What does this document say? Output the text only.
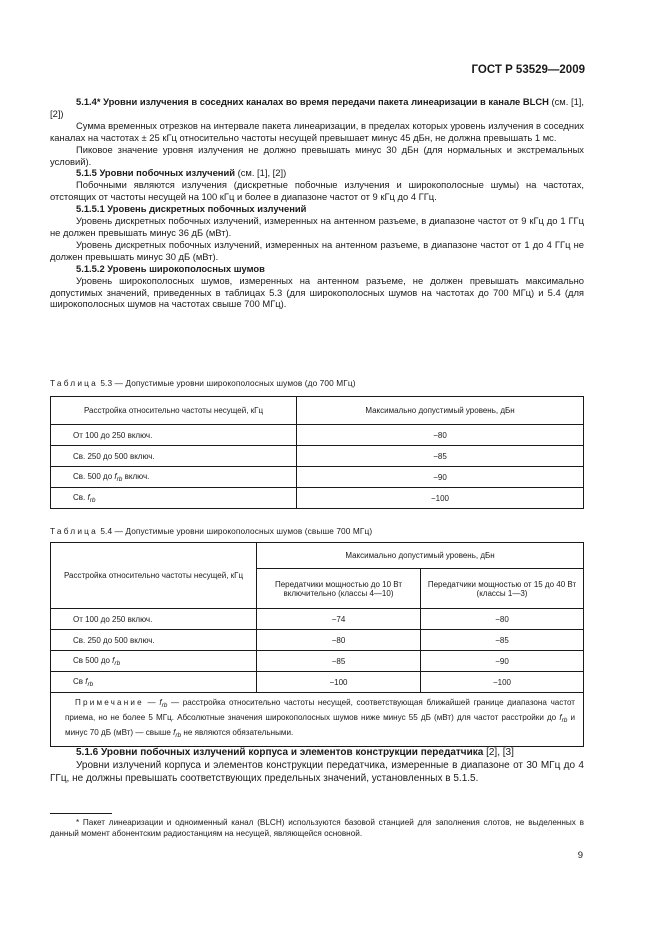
ГОСТ Р 53529—2009

5.1.4* Уровни излучения в соседних каналах во время передачи пакета линеаризации в канале BLCH (см. [1], [2])

Сумма временных отрезков на интервале пакета линеаризации, в пределах которых уровень излучения в соседних каналах на частотах ± 25 кГц относительно частоты несущей превышает минус 45 дБн, не должна превышать 1 мс.

Пиковое значение уровня излучения не должно превышать минус 30 дБн (для нормальных и экстремальных условий).

5.1.5 Уровни побочных излучений (см. [1], [2])

Побочными являются излучения (дискретные побочные излучения и широкополосные шумы) на частотах, отстоящих от частоты несущей на 100 кГц и более в диапазоне частот от 9 кГц до 4 ГГц.

5.1.5.1 Уровень дискретных побочных излучений

Уровень дискретных побочных излучений, измеренных на антенном разъеме, в диапазоне частот от 9 кГц до 1 ГГц не должен превышать минус 36 дБ (мВт).

Уровень дискретных побочных излучений, измеренных на антенном разъеме, в диапазоне частот от 1 до 4 ГГц не должен превышать минус 30 дБ (мВт).

5.1.5.2 Уровень широкополосных шумов

Уровень широкополосных шумов, измеренных на антенном разъеме, не должен превышать максимально допустимых значений, приведенных в таблицах 5.3 (для широкополосных шумов на частотах до 700 МГц) и 5.4 (для широкополосных шумов на частотах свыше 700 МГц).

Таблица 5.3 — Допустимые уровни широкополосных шумов (до 700 МГц)
Расстройка относительно частоты несущей, кГц	Максимально допустимый уровень, дБн
От 100 до 250 включ.	−80
Св. 250 до 500 включ.	−85
Св. 500 до $f_{rb}$ включ.	−90
Св. $f_{rb}$	−100
Таблица 5.4 — Допустимые уровни широкополосных шумов (свыше 700 МГц)
Расстройка относительно частоты несущей, кГц	Максимально допустимый уровень, дБн	
	Передатчики мощностью до 10 Вт включительно (классы 4—10)	Передатчики мощностью от 15 до 40 Вт (классы 1—3)
От 100 до 250 включ.	−74	−80
Св. 250 до 500 включ.	−80	−85
Св 500 до $f_{rb}$	−85	−90
Св $f_{rb}$	−100	−100
Примечание — $f_{rb}$ — расстройка относительно частоты несущей, соответствующая ближайшей границе диапазона частот приема, но не более 5 МГц. Абсолютные значения широкополосных шумов ниже минус 55 дБ (мВт) для частот расстройки до $f_{rb}$ и минус 70 дБ (мВт) — свыше $f_{rb}$ не являются обязательными.		

5.1.6 Уровни побочных излучений корпуса и элементов конструкции передатчика [2], [3]

Уровни излучений корпуса и элементов конструкции передатчика, измеренные в диапазоне от 30 МГц до 4 ГГц, не должны превышать соответствующих предельных значений, установленных в 5.1.5.

* Пакет линеаризации и одноименный канал (BLCH) используются базовой станцией для заполнения слотов, не выделенных в данный момент абонентским радиостанциям на несущей, являющейся основной.

9
